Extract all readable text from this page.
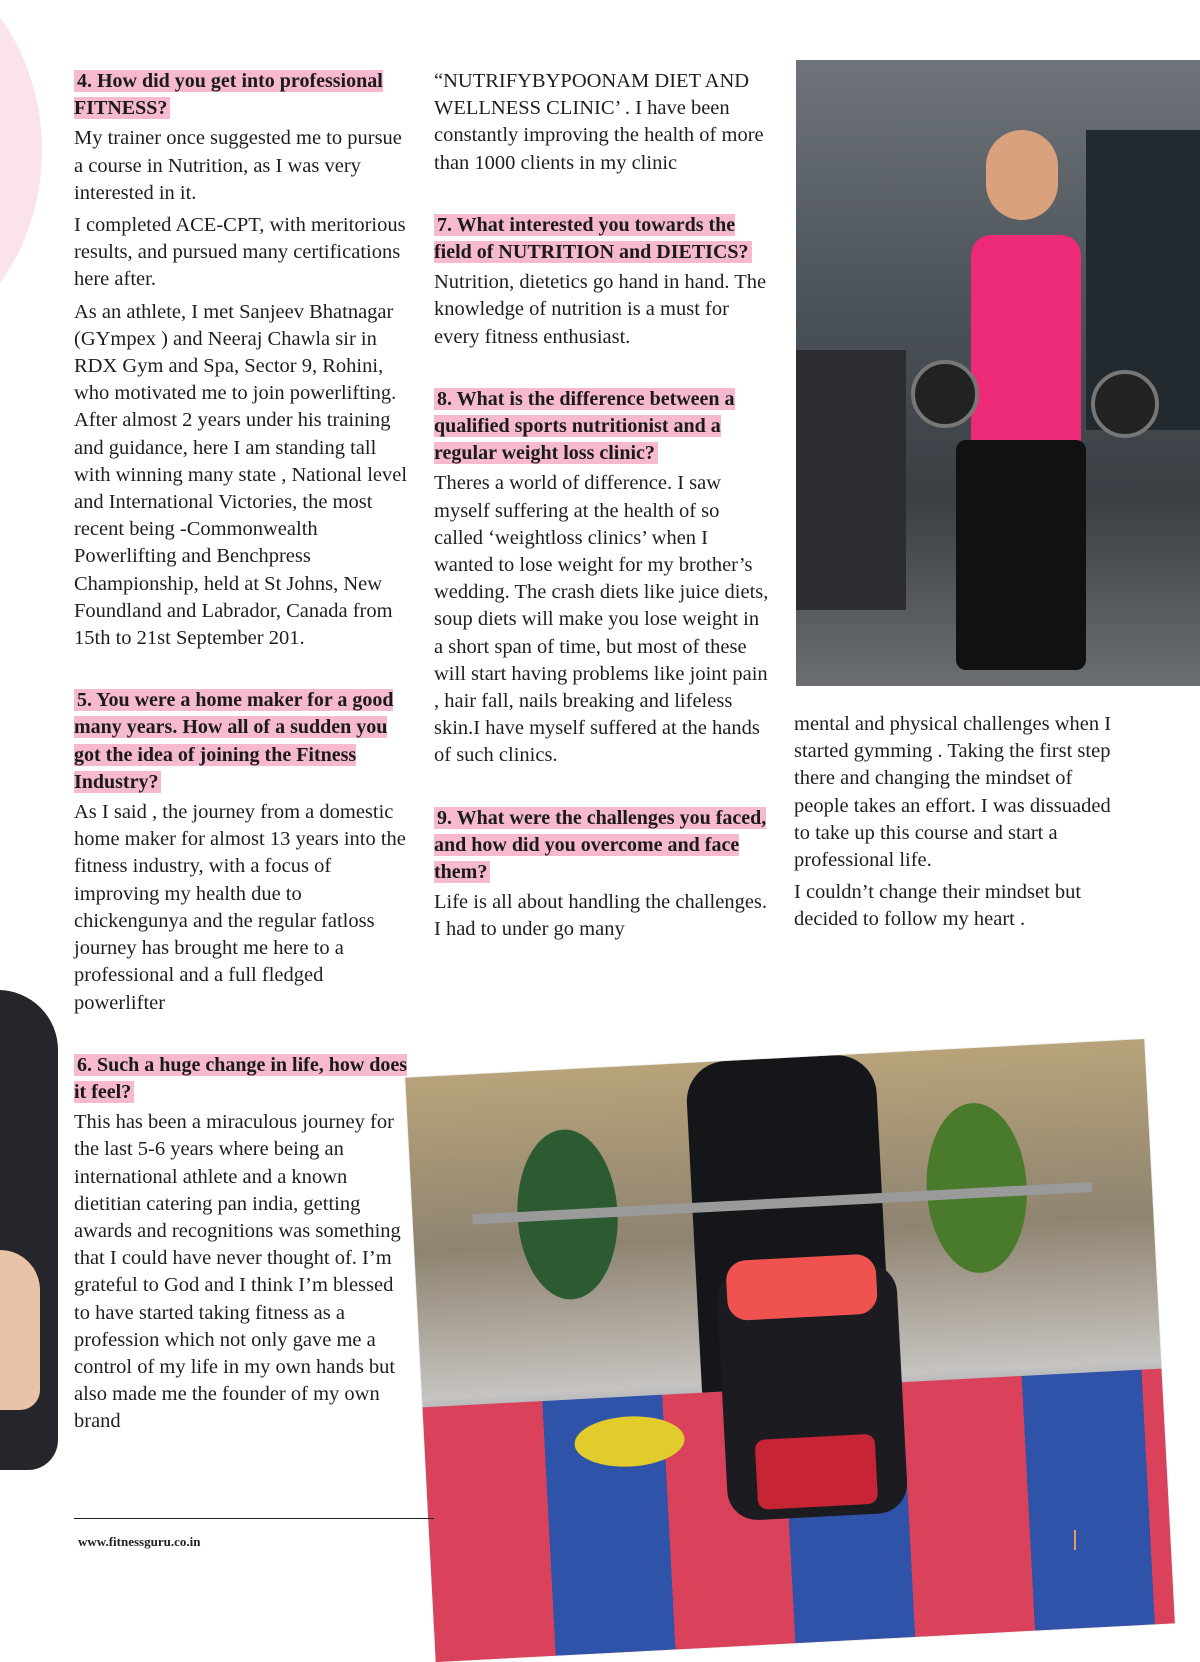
4. How did you get into professional FITNESS?

My trainer once suggested me to pursue a course in Nutrition, as I was very interested in it.

I completed ACE-CPT, with meritorious results, and pursued many certifications here after.

As an athlete, I met Sanjeev Bhatnagar (GYmpex ) and Neeraj Chawla sir in RDX Gym and Spa, Sector 9, Rohini, who motivated me to join powerlifting. After almost 2 years under his training and guidance, here I am standing tall with winning many state , National level and International Victories, the most recent being -Commonwealth Powerlifting and Benchpress Championship, held at St Johns, New Foundland and Labrador, Canada from 15th to 21st September 201.

5. You were a home maker for a good many years. How all of a sudden you got the idea of joining the Fitness Industry?

As I said , the journey from a domestic home maker for almost 13 years into the fitness industry, with a focus of improving my health due to chickengunya and the regular fatloss journey has brought me here to a professional and a full fledged powerlifter

6. Such a huge change in life, how does it feel?

This has been a miraculous journey for the last 5-6 years where being an international athlete and a known dietitian catering pan india, getting awards and recognitions was something that I could have never thought of. I’m grateful to God and I think I’m blessed to have started taking fitness as a profession which not only gave me a control of my life in my own hands but also made me the founder of my own brand

“NUTRIFYBYPOONAM DIET AND WELLNESS CLINIC’ . I have been constantly improving the health of more than 1000 clients in my clinic

7. What interested you towards the field of NUTRITION and DIETICS?

Nutrition, dietetics go hand in hand. The knowledge of nutrition is a must for every fitness enthusiast.

8. What is the difference between a qualified sports nutritionist and a regular weight loss clinic?

Theres a world of difference. I saw myself suffering at the health of so called ‘weightloss clinics’ when I wanted to lose weight for my brother’s wedding. The crash diets like juice diets, soup diets will make you lose weight in a short span of time, but most of these will start having problems like joint pain , hair fall, nails breaking and lifeless skin.I have myself suffered at the hands of such clinics.

9. What were the challenges you faced, and how did you overcome and face them?

Life is all about handling the challenges. I had to under go many

mental and physical challenges when I started gymming . Taking the first step there and changing the mindset of people takes an effort. I was dissuaded to take up this course and start a professional life.

I couldn’t change their mindset but decided to follow my heart .

www.fitnessguru.co.in
